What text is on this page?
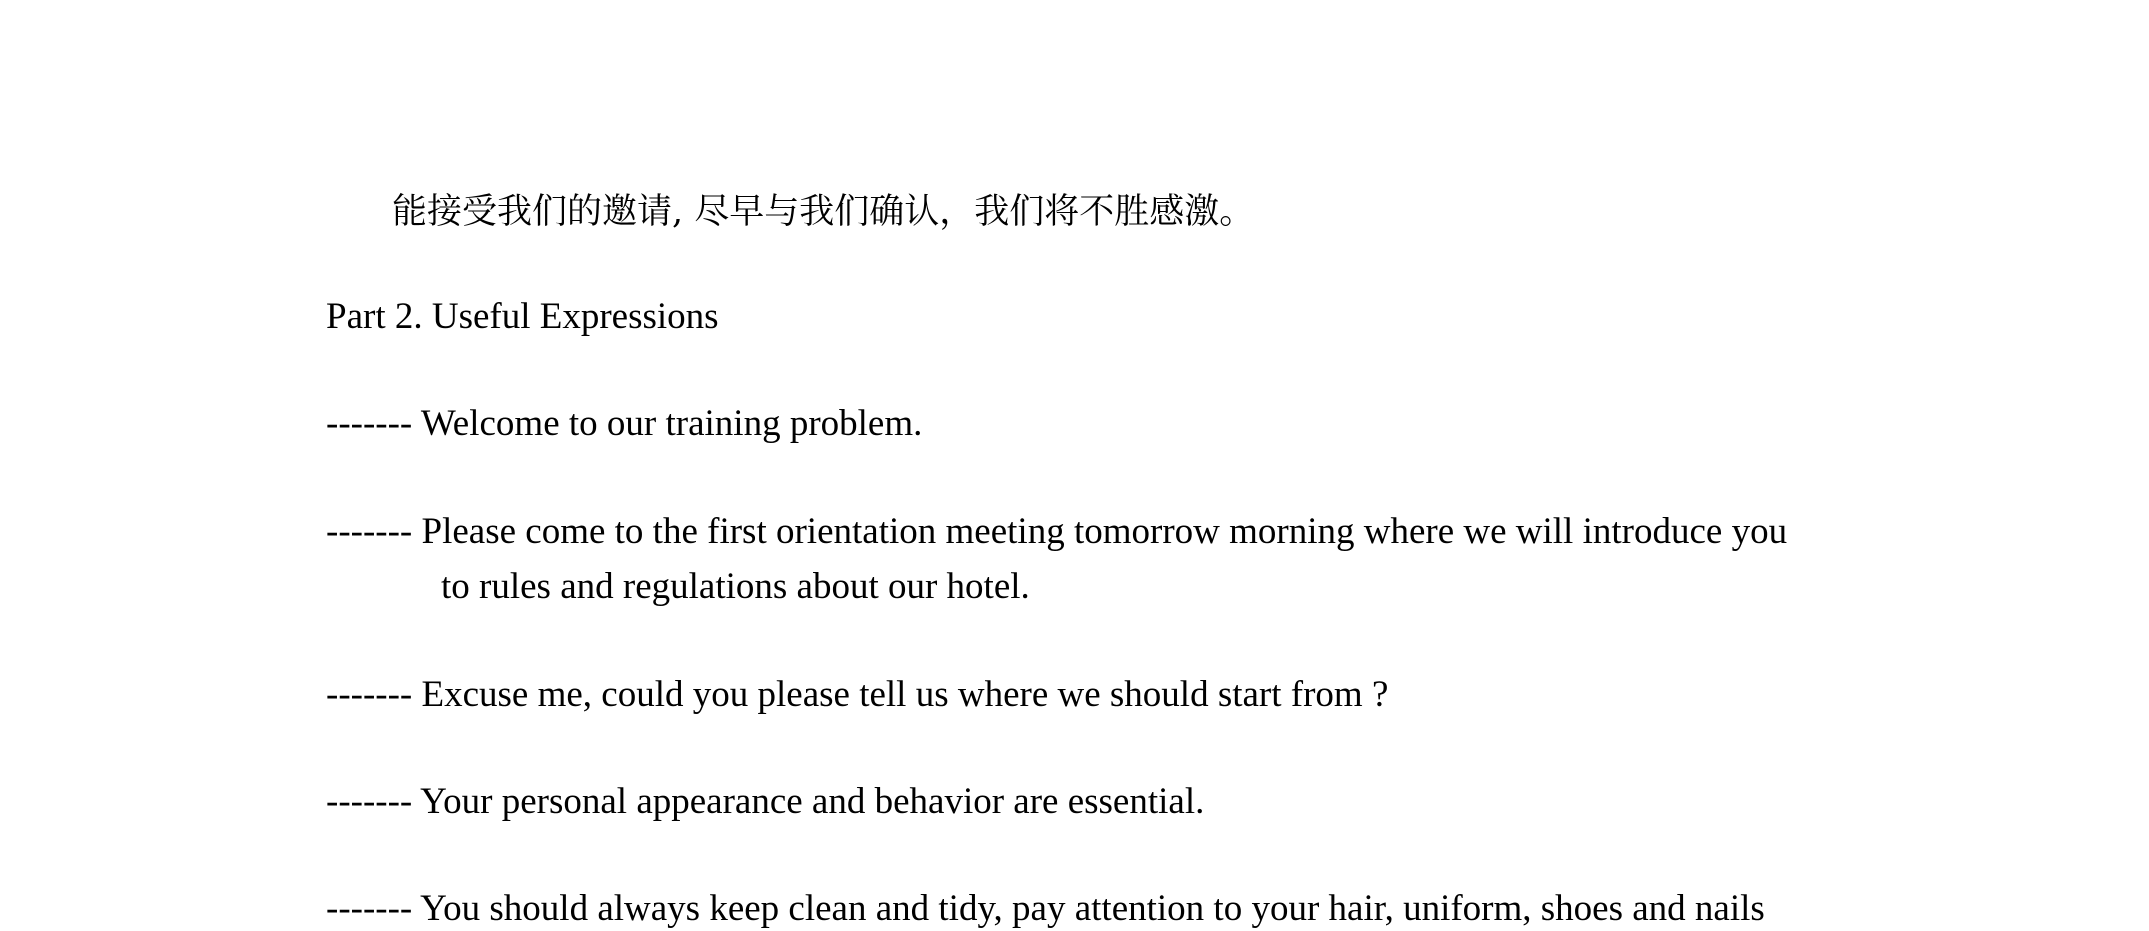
能接受我们的邀请, 尽早与我们确认，我们将不胜感激。
Part 2. Useful Expressions
------- Welcome to our training problem.
------- Please come to the first orientation meeting tomorrow morning where we will introduce you
to rules and regulations about our hotel.
------- Excuse me, could you please tell us where we should start from ?
------- Your personal appearance and behavior are essential.
------- You should always keep clean and tidy, pay attention to your hair, uniform, shoes and nails
